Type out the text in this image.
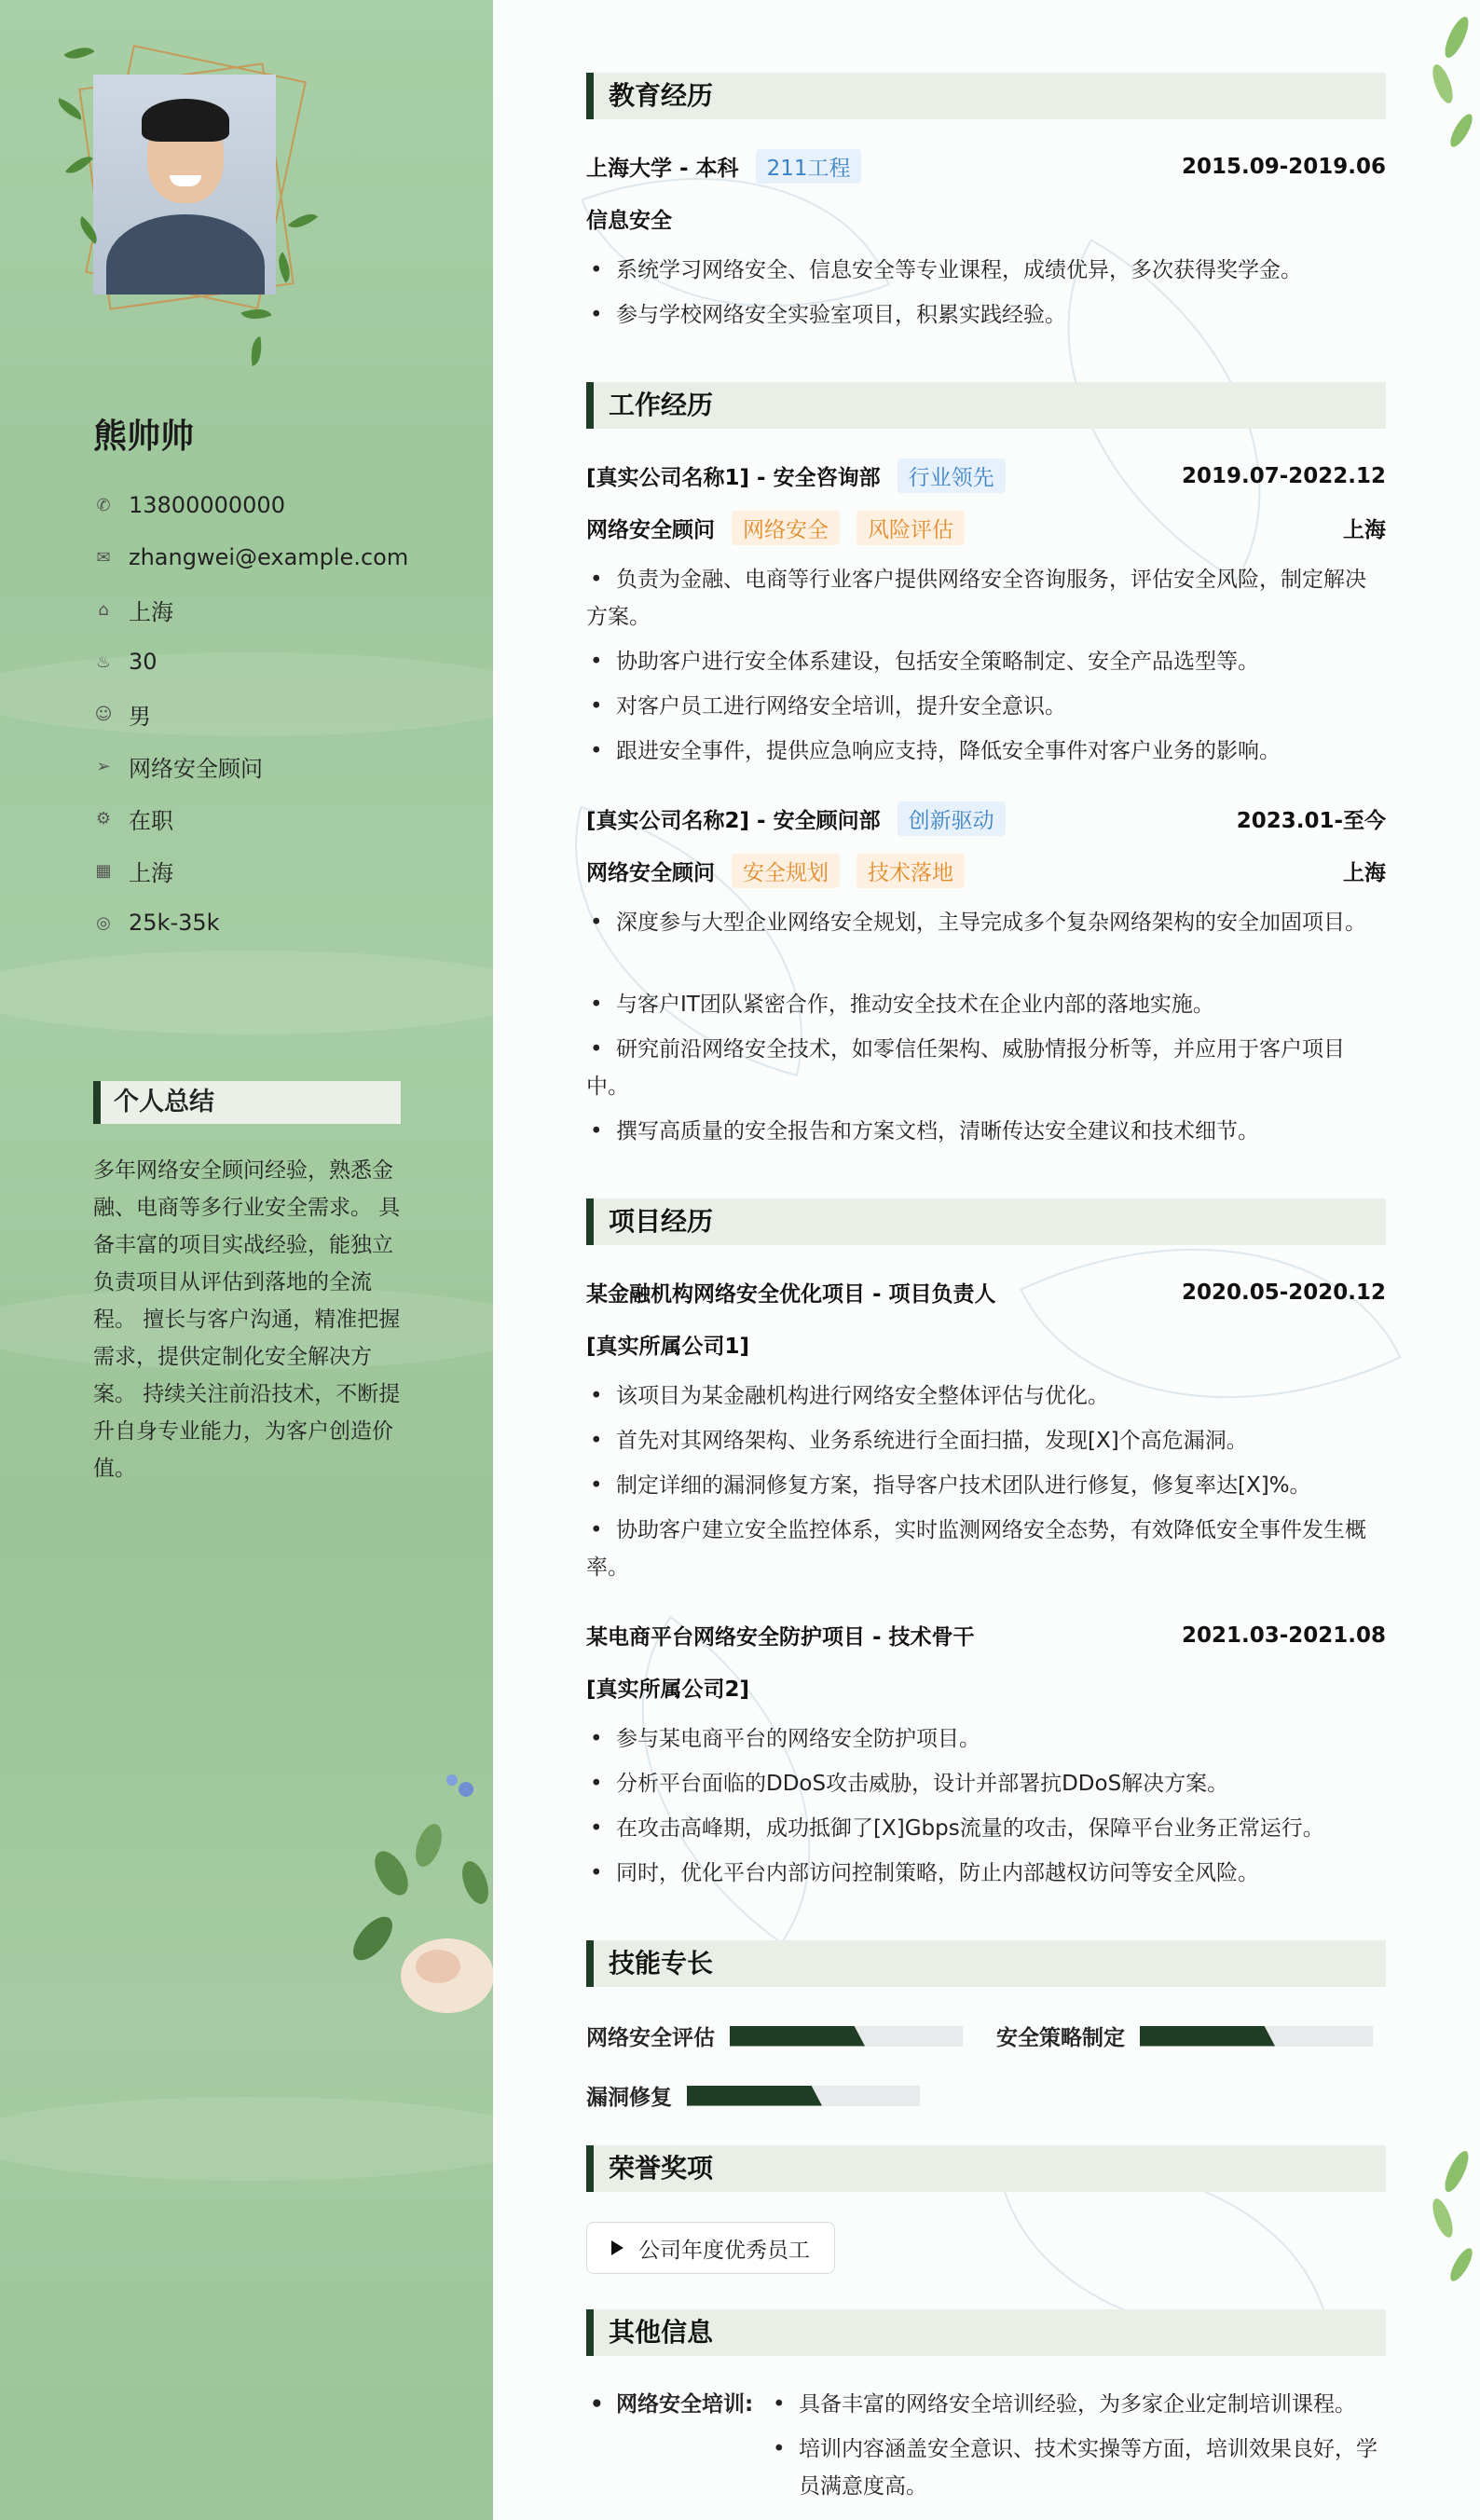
熊帅帅
✆ 13800000000
✉ zhangwei@example.com
⌂ 上海
♨ 30
☺ 男
➢ 网络安全顾问
⚙ 在职
▦ 上海
◎ 25k-35k
个人总结
多年网络安全顾问经验，熟悉金融、电商等多行业安全需求。 具备丰富的项目实战经验，能独立负责项目从评估到落地的全流程。 擅长与客户沟通，精准把握需求，提供定制化安全解决方案。 持续关注前沿技术，不断提升自身专业能力，为客户创造价值。
教育经历
上海大学 - 本科	211工程	2015.09-2019.06
信息安全
• 系统学习网络安全、信息安全等专业课程，成绩优异，多次获得奖学金。
• 参与学校网络安全实验室项目，积累实践经验。
工作经历
[真实公司名称1] - 安全咨询部	行业领先	2019.07-2022.12
网络安全顾问	网络安全	风险评估	上海
• 负责为金融、电商等行业客户提供网络安全咨询服务，评估安全风险，制定解决方案。
• 协助客户进行安全体系建设，包括安全策略制定、安全产品选型等。
• 对客户员工进行网络安全培训，提升安全意识。
• 跟进安全事件，提供应急响应支持，降低安全事件对客户业务的影响。
[真实公司名称2] - 安全顾问部	创新驱动	2023.01-至今
网络安全顾问	安全规划	技术落地	上海
• 深度参与大型企业网络安全规划，主导完成多个复杂网络架构的安全加固项目。
• 与客户IT团队紧密合作，推动安全技术在企业内部的落地实施。
• 研究前沿网络安全技术，如零信任架构、威胁情报分析等，并应用于客户项目中。
• 撰写高质量的安全报告和方案文档，清晰传达安全建议和技术细节。
项目经历
某金融机构网络安全优化项目 - 项目负责人	2020.05-2020.12
[真实所属公司1]
• 该项目为某金融机构进行网络安全整体评估与优化。
• 首先对其网络架构、业务系统进行全面扫描，发现[X]个高危漏洞。
• 制定详细的漏洞修复方案，指导客户技术团队进行修复，修复率达[X]%。
• 协助客户建立安全监控体系，实时监测网络安全态势，有效降低安全事件发生概率。
某电商平台网络安全防护项目 - 技术骨干	2021.03-2021.08
[真实所属公司2]
• 参与某电商平台的网络安全防护项目。
• 分析平台面临的DDoS攻击威胁，设计并部署抗DDoS解决方案。
• 在攻击高峰期，成功抵御了[X]Gbps流量的攻击，保障平台业务正常运行。
• 同时，优化平台内部访问控制策略，防止内部越权访问等安全风险。
技能专长
网络安全评估	安全策略制定
漏洞修复
荣誉奖项
公司年度优秀员工
其他信息
• 网络安全培训:
•	具备丰富的网络安全培训经验，为多家企业定制培训课程。
• 培训内容涵盖安全意识、技术实操等方面，培训效果良好，学员满意度高。
